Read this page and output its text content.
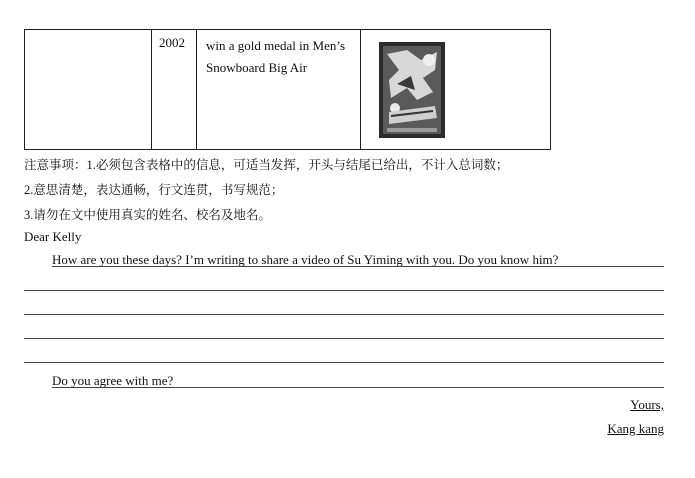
2002 win a gold medal in Men’s Snowboard Big Air
注意事项：1.必须包含表格中的信息，可适当发挥，开头与结尾已给出，不计入总词数；
2.意思清楚，表达通畅，行文连贯，书写规范；
3.请勿在文中使用真实的姓名、校名及地名。
Dear Kelly
How are you these days? I’m writing to share a video of Su Yiming with you. Do you know him?
Do you agree with me?
Yours,
Kang kang
